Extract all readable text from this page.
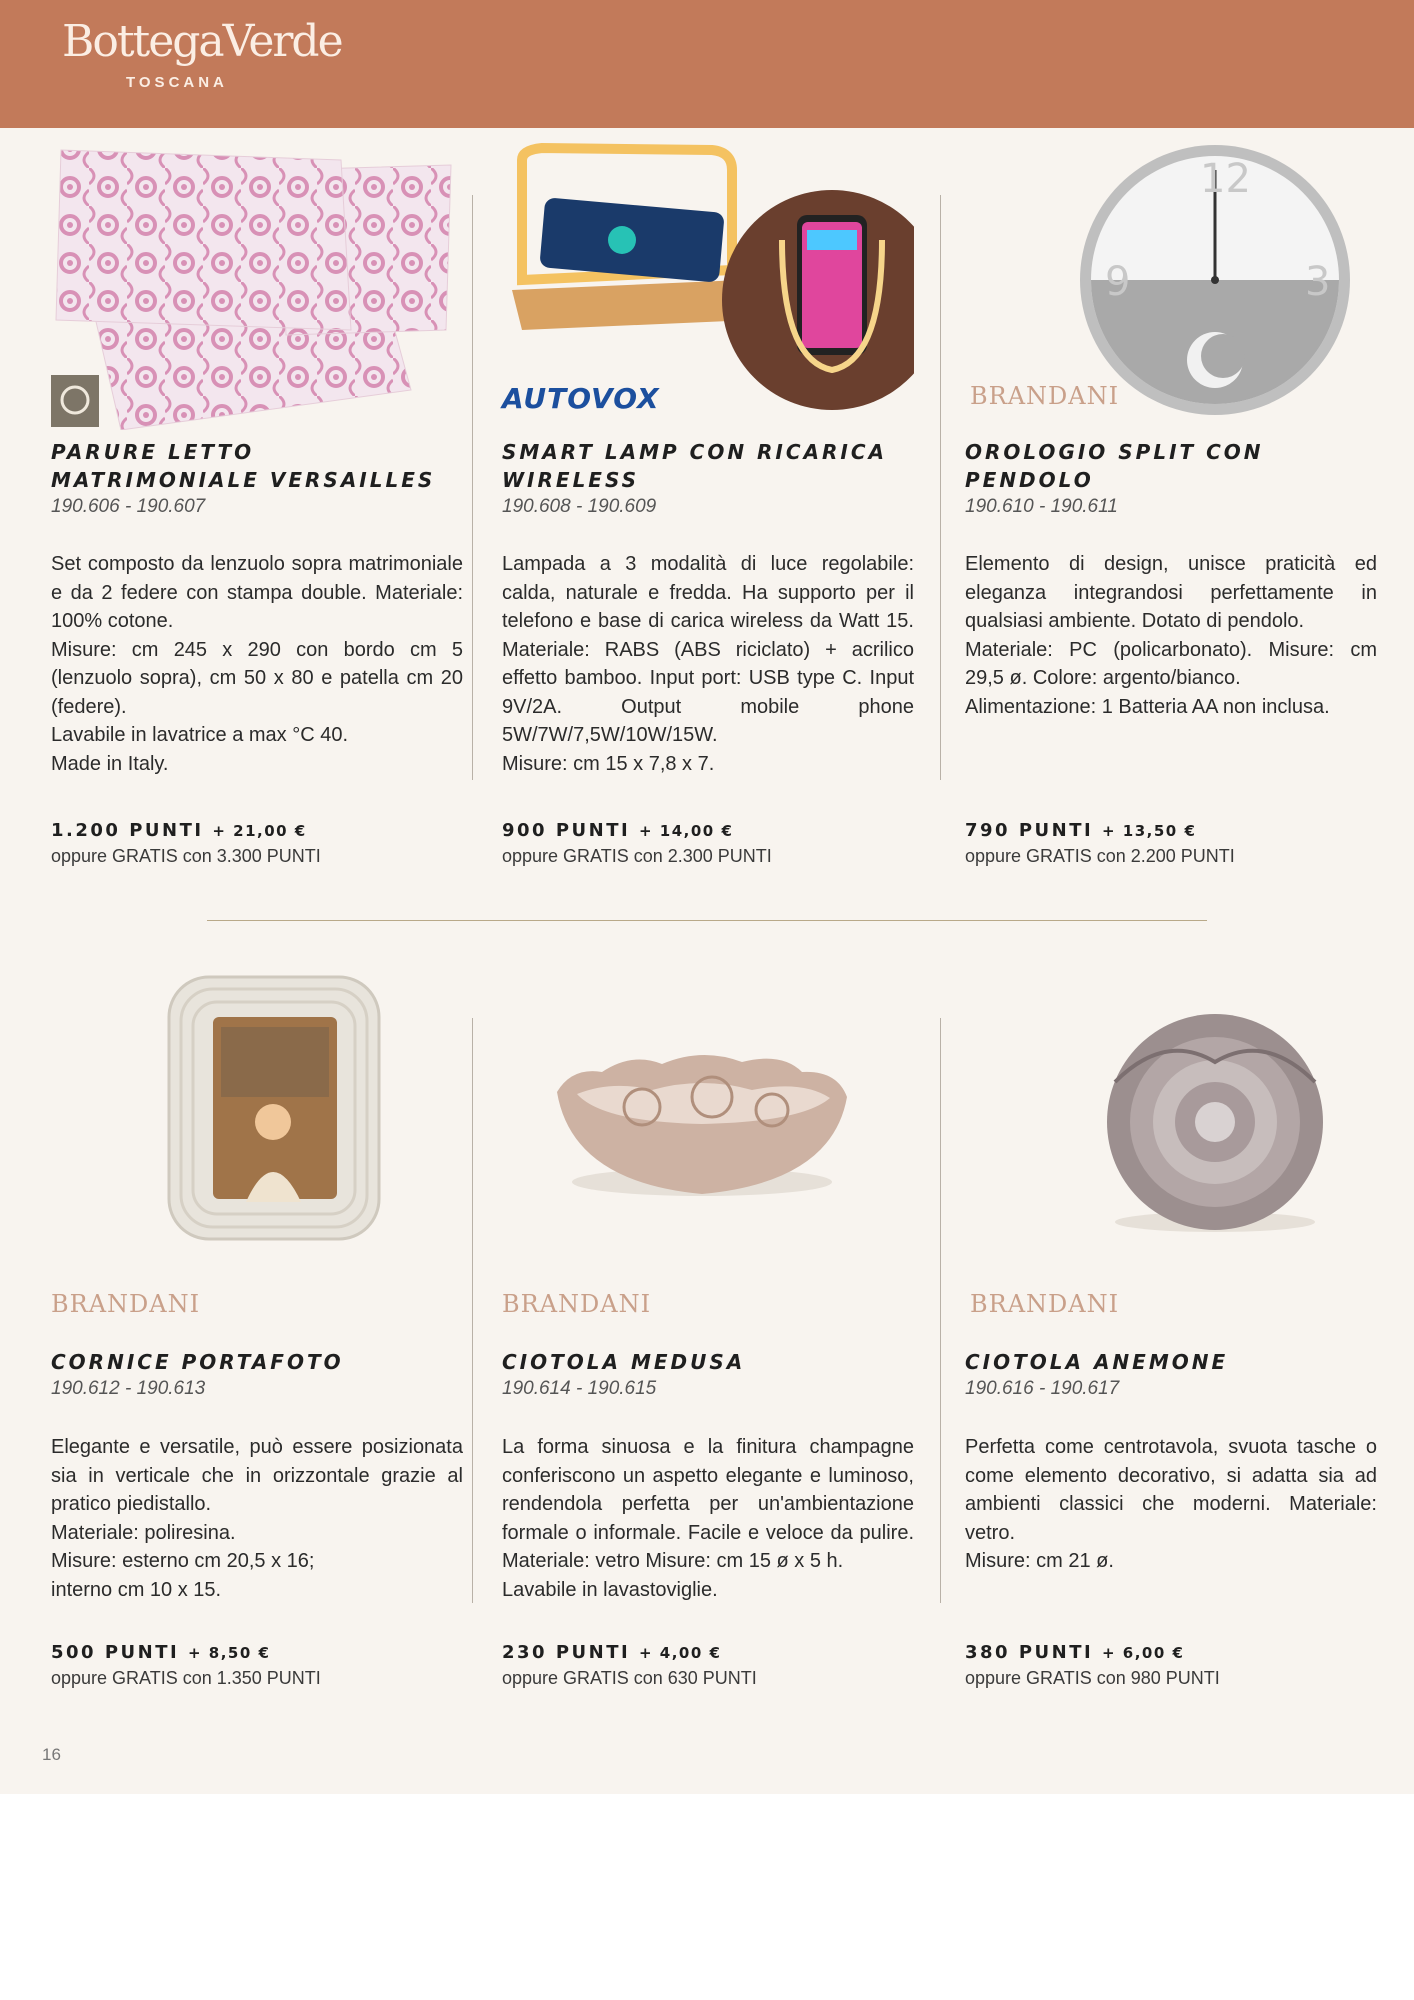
BottegaVerde
TOSCANA
PARURE LETTO
MATRIMONIALE VERSAILLES
190.606 - 190.607

Set composto da lenzuolo sopra matrimoniale e da 2 federe con stampa double. Materiale: 100% cotone.

Misure: cm 245 x 290 con bordo cm 5 (lenzuolo sopra), cm 50 x 80 e patella cm 20 (federe).

Lavabile in lavatrice a max °C 40.

Made in Italy.

1.200 PUNTI + 21,00 €
oppure GRATIS con 3.300 PUNTI
AUTOVOX
SMART LAMP CON RICARICA
WIRELESS
190.608 - 190.609

Lampada a 3 modalità di luce regolabile: calda, naturale e fredda. Ha supporto per il telefono e base di carica wireless da Watt 15. Materiale: RABS (ABS riciclato) + acrilico effetto bamboo. Input port: USB type C. Input 9V/2A. Output mobile phone 5W/7W/7,5W/10W/15W.

Misure: cm 15 x 7,8 x 7.

900 PUNTI + 14,00 €
oppure GRATIS con 2.300 PUNTI
12
9	3
BRANDANI
OROLOGIO SPLIT CON
PENDOLO
190.610 - 190.611

Elemento di design, unisce praticità ed eleganza integrandosi perfettamente in qualsiasi ambiente. Dotato di pendolo.

Materiale: PC (policarbonato). Misure: cm 29,5 ø. Colore: argento/bianco.

Alimentazione: 1 Batteria AA non inclusa.

790 PUNTI + 13,50 €
oppure GRATIS con 2.200 PUNTI
BRANDANI
CORNICE PORTAFOTO
190.612 - 190.613

Elegante e versatile, può essere posizionata sia in verticale che in orizzontale grazie al pratico piedistallo.

Materiale: poliresina.

Misure: esterno cm 20,5 x 16;

interno cm 10 x 15.

500 PUNTI + 8,50 €
oppure GRATIS con 1.350 PUNTI
BRANDANI
CIOTOLA MEDUSA
190.614 - 190.615

La forma sinuosa e la finitura champagne conferiscono un aspetto elegante e luminoso, rendendola perfetta per un'ambientazione formale o informale. Facile e veloce da pulire. Materiale: vetro Misure: cm 15 ø x 5 h.

Lavabile in lavastoviglie.

230 PUNTI + 4,00 €
oppure GRATIS con 630 PUNTI
BRANDANI
CIOTOLA ANEMONE
190.616 - 190.617

Perfetta come centrotavola, svuota tasche o come elemento decorativo, si adatta sia ad ambienti classici che moderni. Materiale: vetro.

Misure: cm 21 ø.

380 PUNTI + 6,00 €
oppure GRATIS con 980 PUNTI
16
